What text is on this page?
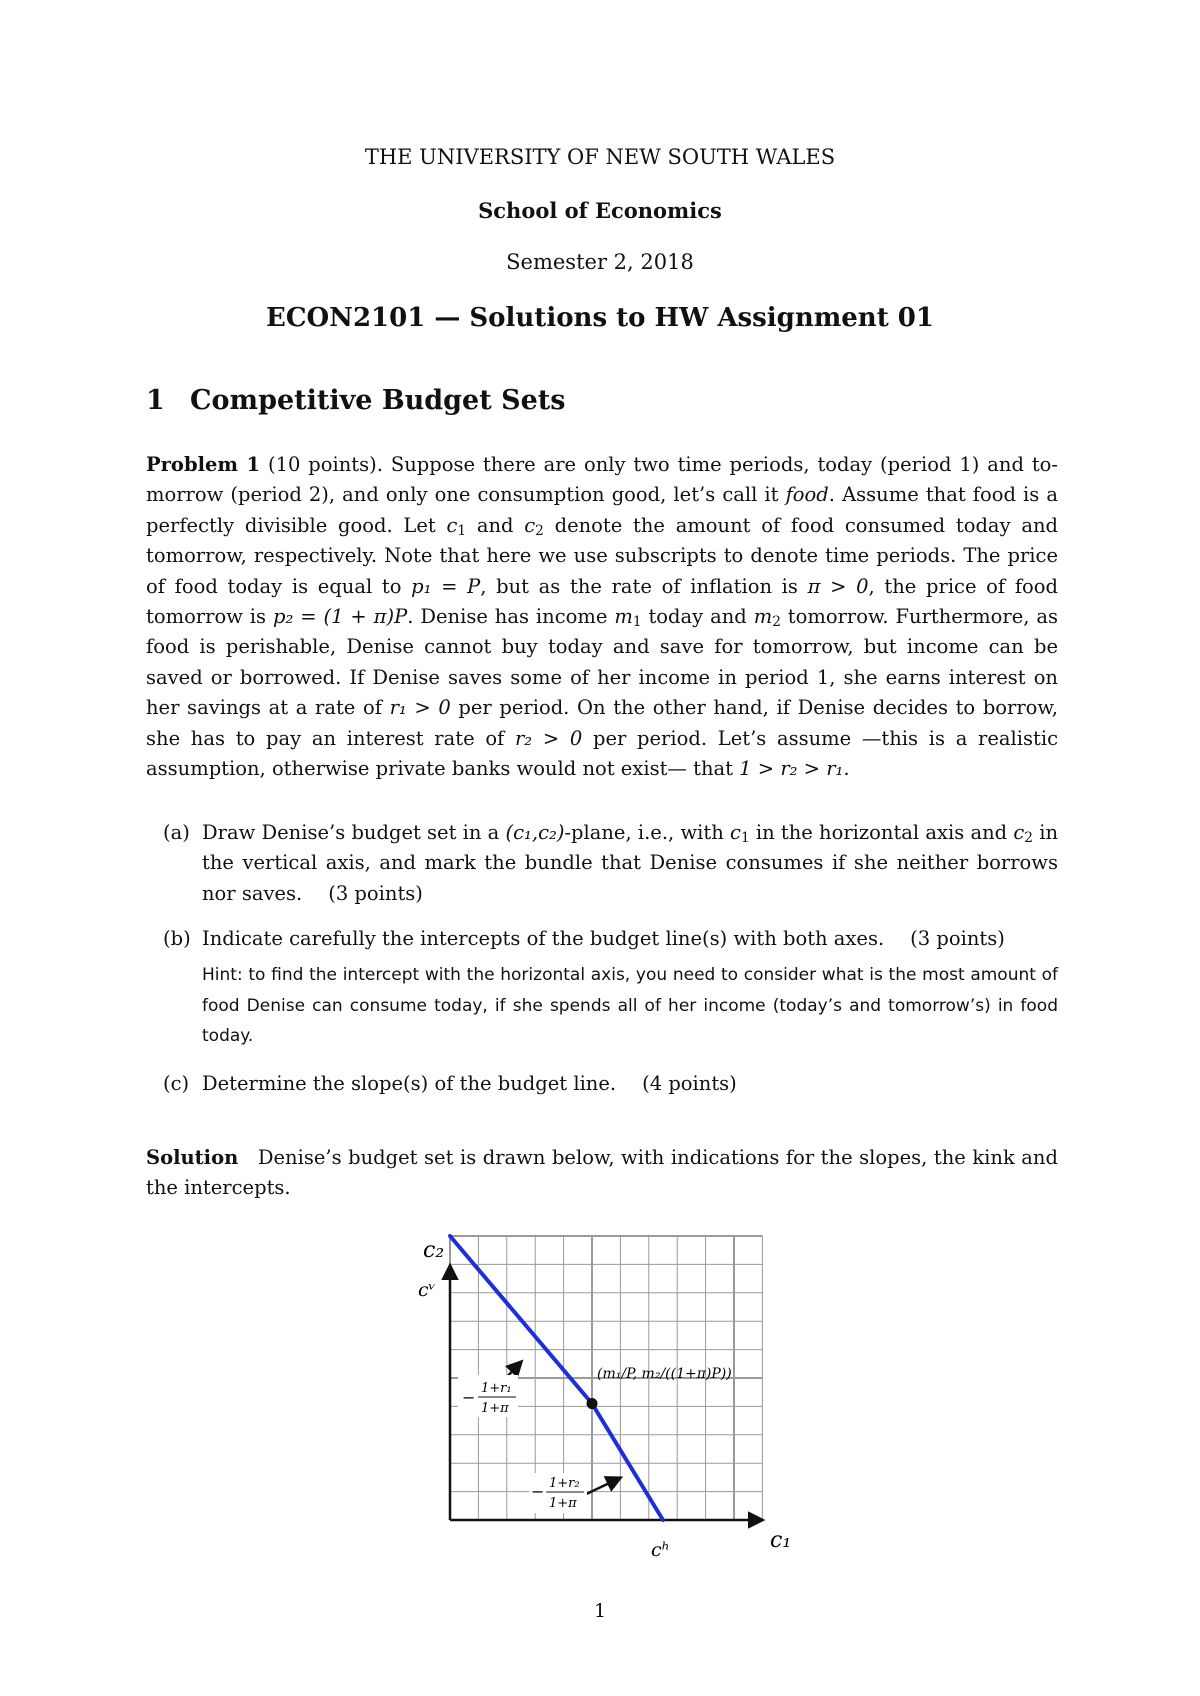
THE UNIVERSITY OF NEW SOUTH WALES
School of Economics
Semester 2, 2018
ECON2101 — Solutions to HW Assignment 01
1 Competitive Budget Sets
Problem 1 (10 points). Suppose there are only two time periods, today (period 1) and to-morrow (period 2), and only one consumption good, let’s call it food. Assume that food is a perfectly divisible good. Let $c_1$ and $c_2$ denote the amount of food consumed today and tomorrow, respectively. Note that here we use subscripts to denote time periods. The price of food today is equal to p₁ = P, but as the rate of inflation is π > 0, the price of food tomorrow is p₂ = (1 + π)P. Denise has income $m_1$ today and $m_2$ tomorrow. Furthermore, as food is perishable, Denise cannot buy today and save for tomorrow, but income can be saved or borrowed. If Denise saves some of her income in period 1, she earns interest on her savings at a rate of r₁ > 0 per period. On the other hand, if Denise decides to borrow, she has to pay an interest rate of r₂ > 0 per period. Let’s assume —this is a realistic assumption, otherwise private banks would not exist— that 1 > r₂ > r₁.
(a) Draw Denise’s budget set in a (c₁,c₂)-plane, i.e., with $c_1$ in the horizontal axis and $c_2$ in the vertical axis, and mark the bundle that Denise consumes if she neither borrows nor saves. (3 points)
(b) Indicate carefully the intercepts of the budget line(s) with both axes. (3 points)
Hint: to find the intercept with the horizontal axis, you need to consider what is the most amount of food Denise can consume today, if she spends all of her income (today’s and tomorrow’s) in food today.
(c) Determine the slope(s) of the budget line. (4 points)
Solution Denise’s budget set is drawn below, with indications for the slopes, the kink and the intercepts.
c₂
c₁
cᵛ
cʰ
(m₁/P, m₂/((1+π)P))
− 1+r₁
1+π
− 1+r₂
1+π
1
